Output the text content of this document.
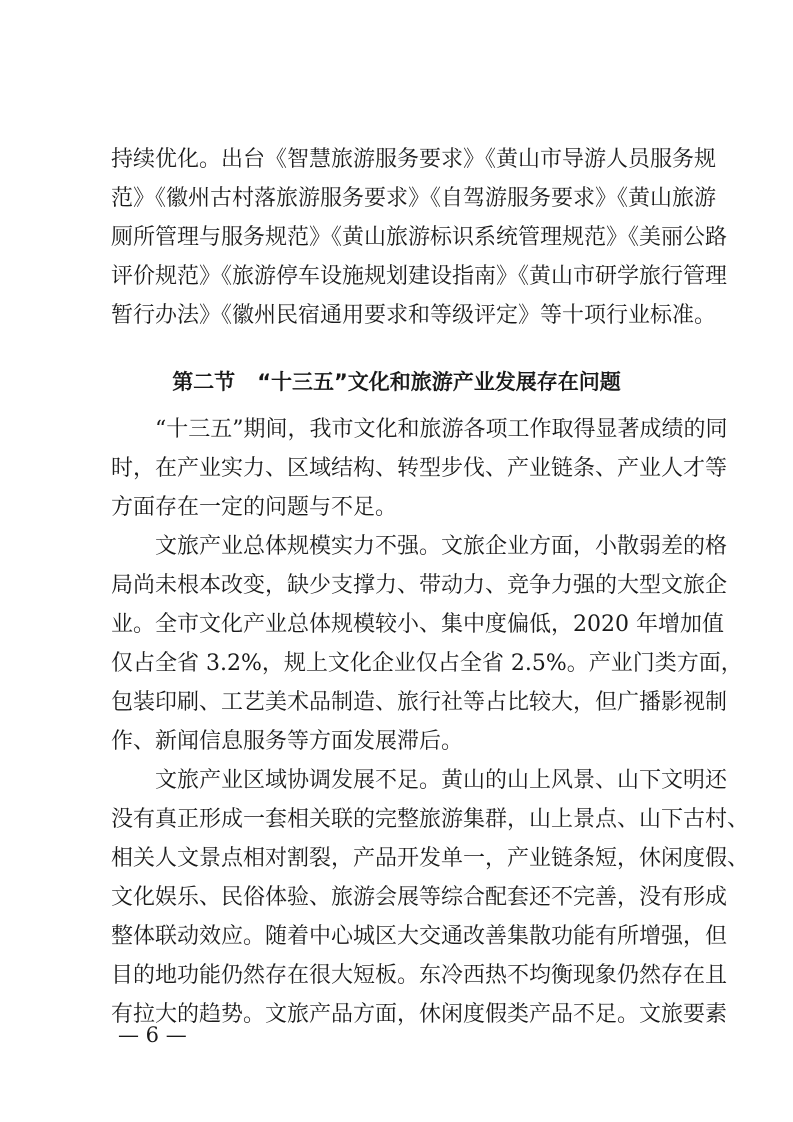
持续优化。出台《智慧旅游服务要求》《黄山市导游人员服务规
范》《徽州古村落旅游服务要求》《自驾游服务要求》《黄山旅游
厕所管理与服务规范》《黄山旅游标识系统管理规范》《美丽公路
评价规范》《旅游停车设施规划建设指南》《黄山市研学旅行管理
暂行办法》《徽州民宿通用要求和等级评定》等十项行业标准。
第二节 “十三五”文化和旅游产业发展存在问题
“十三五”期间，我市文化和旅游各项工作取得显著成绩的同
时，在产业实力、区域结构、转型步伐、产业链条、产业人才等
方面存在一定的问题与不足。
文旅产业总体规模实力不强。文旅企业方面，小散弱差的格
局尚未根本改变，缺少支撑力、带动力、竞争力强的大型文旅企
业。全市文化产业总体规模较小、集中度偏低，2020 年增加值
仅占全省 3.2%，规上文化企业仅占全省 2.5%。产业门类方面，
包装印刷、工艺美术品制造、旅行社等占比较大，但广播影视制
作、新闻信息服务等方面发展滞后。
文旅产业区域协调发展不足。黄山的山上风景、山下文明还
没有真正形成一套相关联的完整旅游集群，山上景点、山下古村、
相关人文景点相对割裂，产品开发单一，产业链条短，休闲度假、
文化娱乐、民俗体验、旅游会展等综合配套还不完善，没有形成
整体联动效应。随着中心城区大交通改善集散功能有所增强，但
目的地功能仍然存在很大短板。东冷西热不均衡现象仍然存在且
有拉大的趋势。文旅产品方面，休闲度假类产品不足。文旅要素
— 6 —
